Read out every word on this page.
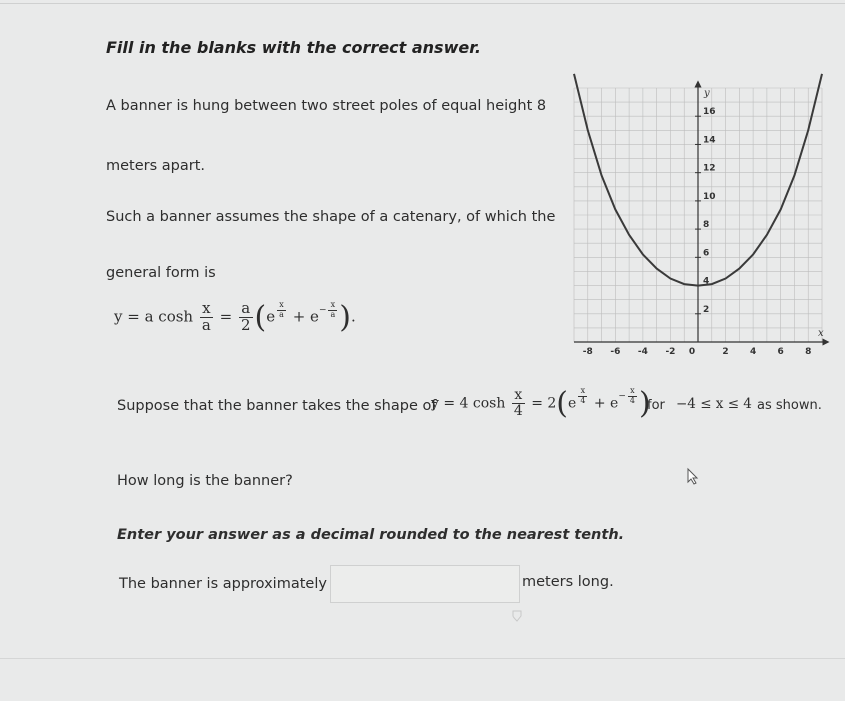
Fill in the blanks with the correct answer.
A banner is hung between two street poles of equal height 8
meters apart.
Such a banner assumes the shape of a catenary, of which the
general form is
y = a $\cosh \frac{x}{a} = \frac{a}{2} (e \frac{x}{a} + e- \frac{x}{a}$ ).
-8 -6 -4 -2 0	2 4 6 8
2
4
6
8
10
12
14
16
x
y
Suppose that the banner takes the shape of
y = 4 $\cosh \frac{x}{4} = 2(e \frac{x}{4} + e- \frac{x}{4}$ )
for −4 ≤ x ≤ 4 as shown.
How long is the banner?
Enter your answer as a decimal rounded to the nearest tenth.
The banner is approximately	meters long.
